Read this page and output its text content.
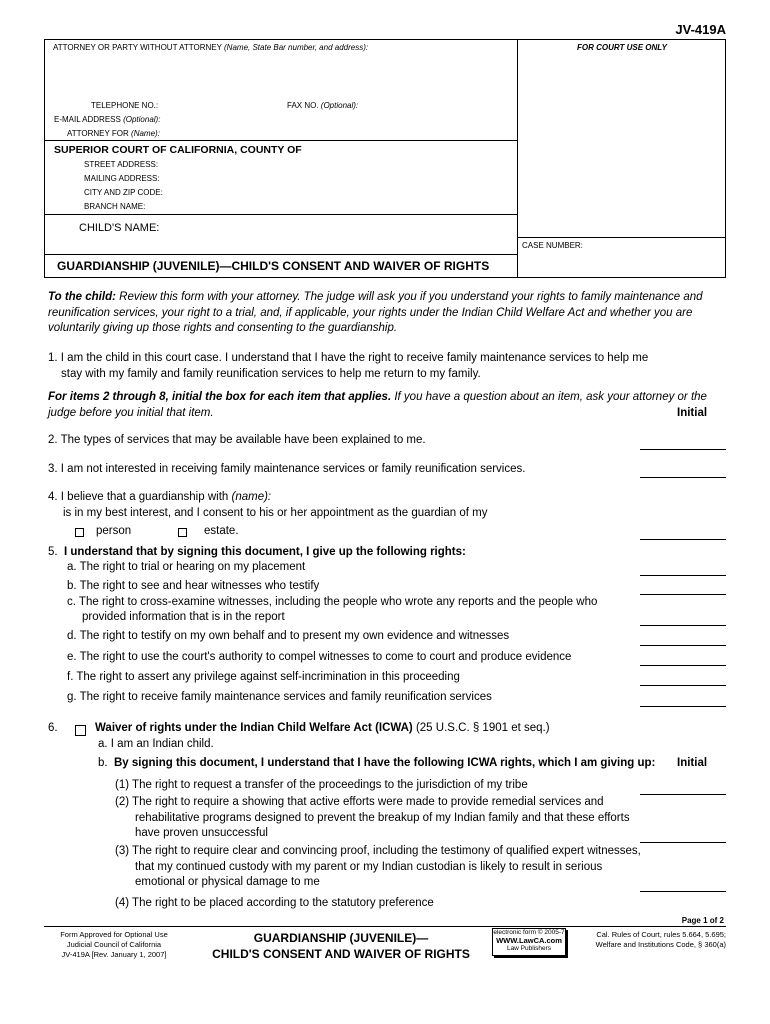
JV-419A
ATTORNEY OR PARTY WITHOUT ATTORNEY (Name, State Bar number, and address):	FOR COURT USE ONLY
TELEPHONE NO.:	FAX NO. (Optional):
E-MAIL ADDRESS (Optional):
ATTORNEY FOR (Name):
SUPERIOR COURT OF CALIFORNIA, COUNTY OF
STREET ADDRESS:
MAILING ADDRESS:
CITY AND ZIP CODE:
BRANCH NAME:
CHILD'S NAME:
CASE NUMBER:
GUARDIANSHIP (JUVENILE)—CHILD'S CONSENT AND WAIVER OF RIGHTS
To the child: Review this form with your attorney. The judge will ask you if you understand your rights to family maintenance and reunification services, your right to a trial, and, if applicable, your rights under the Indian Child Welfare Act and whether you are voluntarily giving up those rights and consenting to the guardianship.
1. I am the child in this court case. I understand that I have the right to receive family maintenance services to help me
stay with my family and family reunification services to help me return to my family.
For items 2 through 8, initial the box for each item that applies. If you have a question about an item, ask your attorney or the
judge before you initial that item.	Initial
2. The types of services that may be available have been explained to me.
3. I am not interested in receiving family maintenance services or family reunification services.
4. I believe that a guardianship with (name):
is in my best interest, and I consent to his or her appointment as the guardian of my
person	estate.
5. I understand that by signing this document, I give up the following rights:
a. The right to trial or hearing on my placement
b. The right to see and hear witnesses who testify
c. The right to cross-examine witnesses, including the people who wrote any reports and the people who
provided information that is in the report
d. The right to testify on my own behalf and to present my own evidence and witnesses
e. The right to use the court's authority to compel witnesses to come to court and produce evidence
f. The right to assert any privilege against self-incrimination in this proceeding
g. The right to receive family maintenance services and family reunification services
6.	Waiver of rights under the Indian Child Welfare Act (ICWA) (25 U.S.C. § 1901 et seq.)
a. I am an Indian child.
b. By signing this document, I understand that I have the following ICWA rights, which I am giving up: Initial
(1) The right to request a transfer of the proceedings to the jurisdiction of my tribe
(2) The right to require a showing that active efforts were made to provide remedial services and
rehabilitative programs designed to prevent the breakup of my Indian family and that these efforts
have proven unsuccessful
(3) The right to require clear and convincing proof, including the testimony of qualified expert witnesses,
that my continued custody with my parent or my Indian custodian is likely to result in serious
emotional or physical damage to me
(4) The right to be placed according to the statutory preference
Page 1 of 2
Form Approved for Optional Use
Judicial Council of California
JV-419A [Rev. January 1, 2007]
GUARDIANSHIP (JUVENILE)—
CHILD'S CONSENT AND WAIVER OF RIGHTS
electronic form © 2005-7
WWW.LawCA.com
Law Publishers
Cal. Rules of Court, rules 5.664, 5.695;
Welfare and Institutions Code, § 360(a)
